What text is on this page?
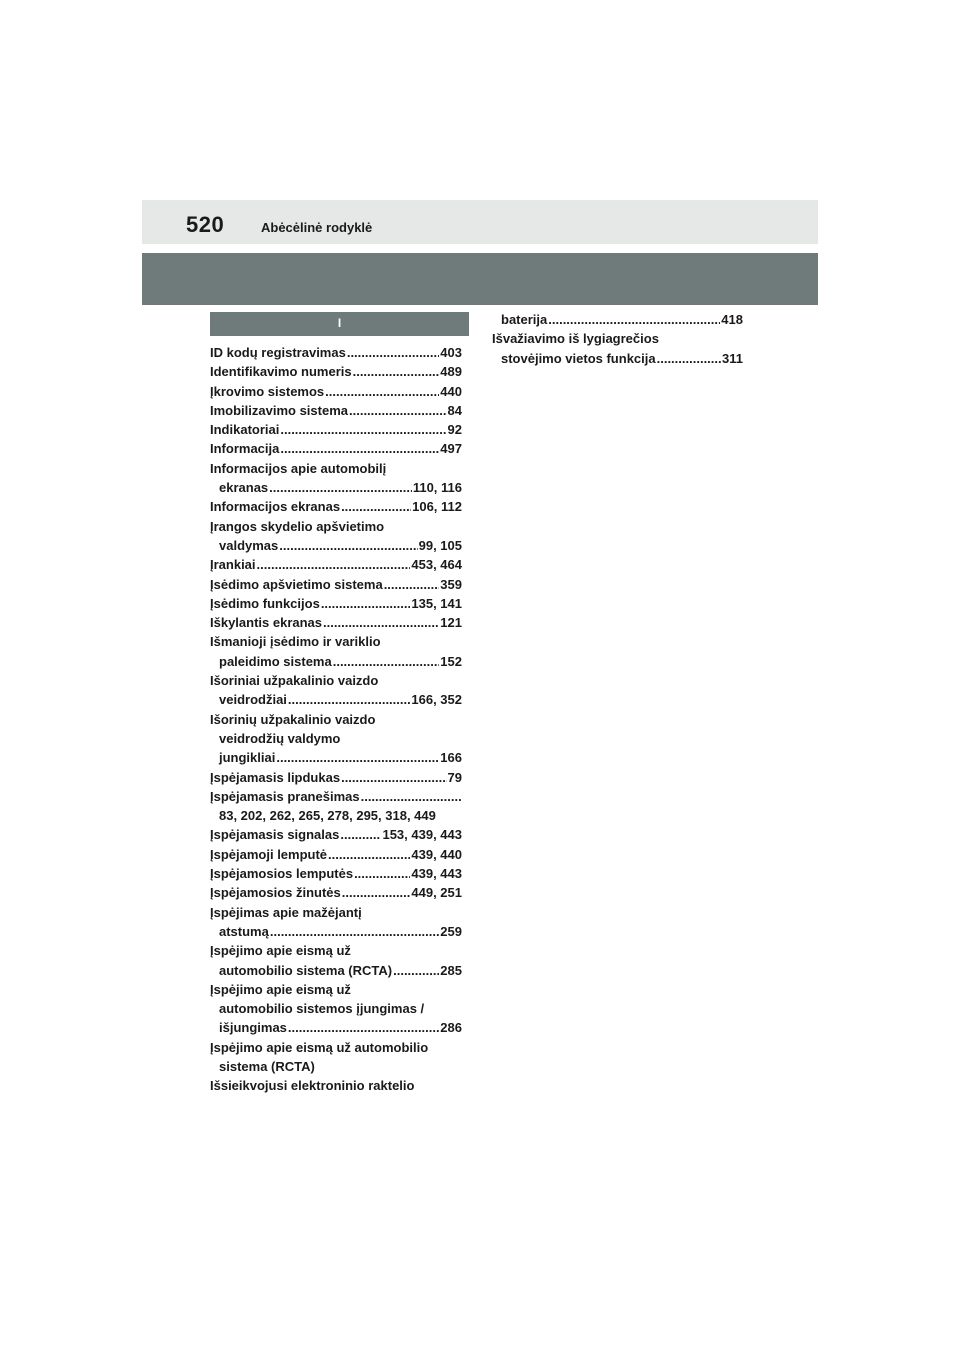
520	Abėcėlinė rodyklė
I
ID kodų registravimas .....	403
Identifikavimo numeris .....	489
Įkrovimo sistemos .....	440
Imobilizavimo sistema .....	84
Indikatoriai .....	92
Informacija .....	497
Informacijos apie automobilį
ekranas .....	110, 116
Informacijos ekranas .....	106, 112
Įrangos skydelio apšvietimo
valdymas .....	99, 105
Įrankiai .....	453, 464
Įsėdimo apšvietimo sistema .....	359
Įsėdimo funkcijos .....	135, 141
Iškylantis ekranas .....	121
Išmanioji įsėdimo ir variklio
paleidimo sistema .....	152
Išoriniai užpakalinio vaizdo
veidrodžiai .....	166, 352
Išorinių užpakalinio vaizdo
veidrodžių valdymo
jungikliai .....	166
Įspėjamasis lipdukas .....	79
Įspėjamasis pranešimas
.....
83, 202, 262, 265, 278, 295, 318, 449
Įspėjamasis signalas .....	153, 439, 443
Įspėjamoji lemputė .....	439, 440
Įspėjamosios lemputės .....	439, 443
Įspėjamosios žinutės .....	449, 251
Įspėjimas apie mažėjantį
atstumą .....	259
Įspėjimo apie eismą už
automobilio sistema (RCTA) .....	285
Įspėjimo apie eismą už
automobilio sistemos įjungimas /
išjungimas .....	286
Įspėjimo apie eismą už automobilio
sistema (RCTA)
Išsieikvojusi elektroninio raktelio
baterija .....	418
Išvažiavimo iš lygiagrečios
stovėjimo vietos funkcija .....	311
